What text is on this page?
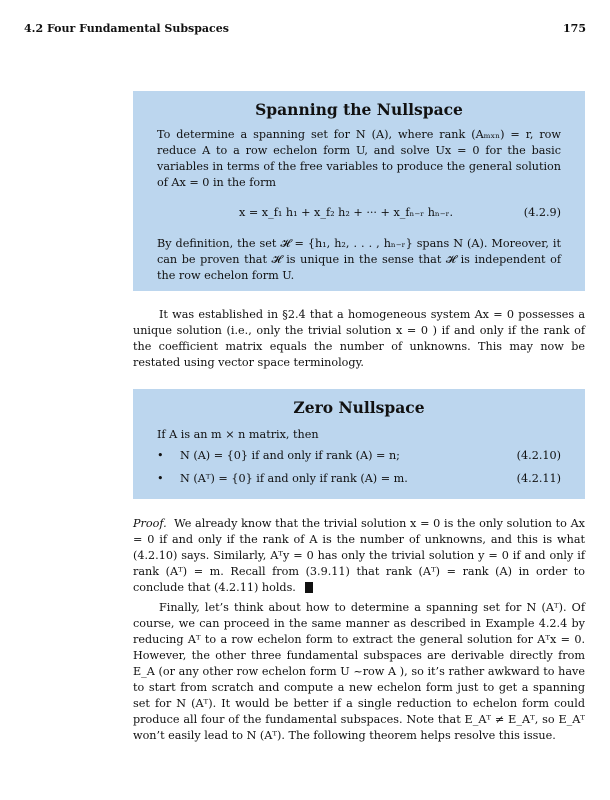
4.2 Four Fundamental Subspaces	175
Spanning the Nullspace
To determine a spanning set for N (A), where rank (Aₘₓₙ) = r, row reduce A to a row echelon form U, and solve Ux = 0 for the basic variables in terms of the free variables to produce the general solution of Ax = 0 in the form
x = x_f₁ h₁ + x_f₂ h₂ + ··· + x_fₙ₋ᵣ hₙ₋ᵣ.	(4.2.9)
By definition, the set 𝓗 = {h₁, h₂, . . . , hₙ₋ᵣ} spans N (A). Moreover, it can be proven that 𝓗 is unique in the sense that 𝓗 is independent of the row echelon form U.
It was established in §2.4 that a homogeneous system Ax = 0 possesses a unique solution (i.e., only the trivial solution x = 0 ) if and only if the rank of the coefficient matrix equals the number of unknowns. This may now be restated using vector space terminology.
Zero Nullspace
If A is an m × n matrix, then
• N (A) = {0} if and only if rank (A) = n;	(4.2.10)
• N (Aᵀ) = {0} if and only if rank (A) = m.	(4.2.11)
Proof. We already know that the trivial solution x = 0 is the only solution to Ax = 0 if and only if the rank of A is the number of unknowns, and this is what (4.2.10) says. Similarly, Aᵀy = 0 has only the trivial solution y = 0 if and only if rank (Aᵀ) = m. Recall from (3.9.11) that rank (Aᵀ) = rank (A) in order to conclude that (4.2.11) holds.
Finally, let’s think about how to determine a spanning set for N (Aᵀ). Of course, we can proceed in the same manner as described in Example 4.2.4 by reducing Aᵀ to a row echelon form to extract the general solution for Aᵀx = 0. However, the other three fundamental subspaces are derivable directly from E_A (or any other row echelon form U ~row A ), so it’s rather awkward to have to start from scratch and compute a new echelon form just to get a spanning set for N (Aᵀ). It would be better if a single reduction to echelon form could produce all four of the fundamental subspaces. Note that E_Aᵀ ≠ E_Aᵀ, so E_Aᵀ won’t easily lead to N (Aᵀ). The following theorem helps resolve this issue.
